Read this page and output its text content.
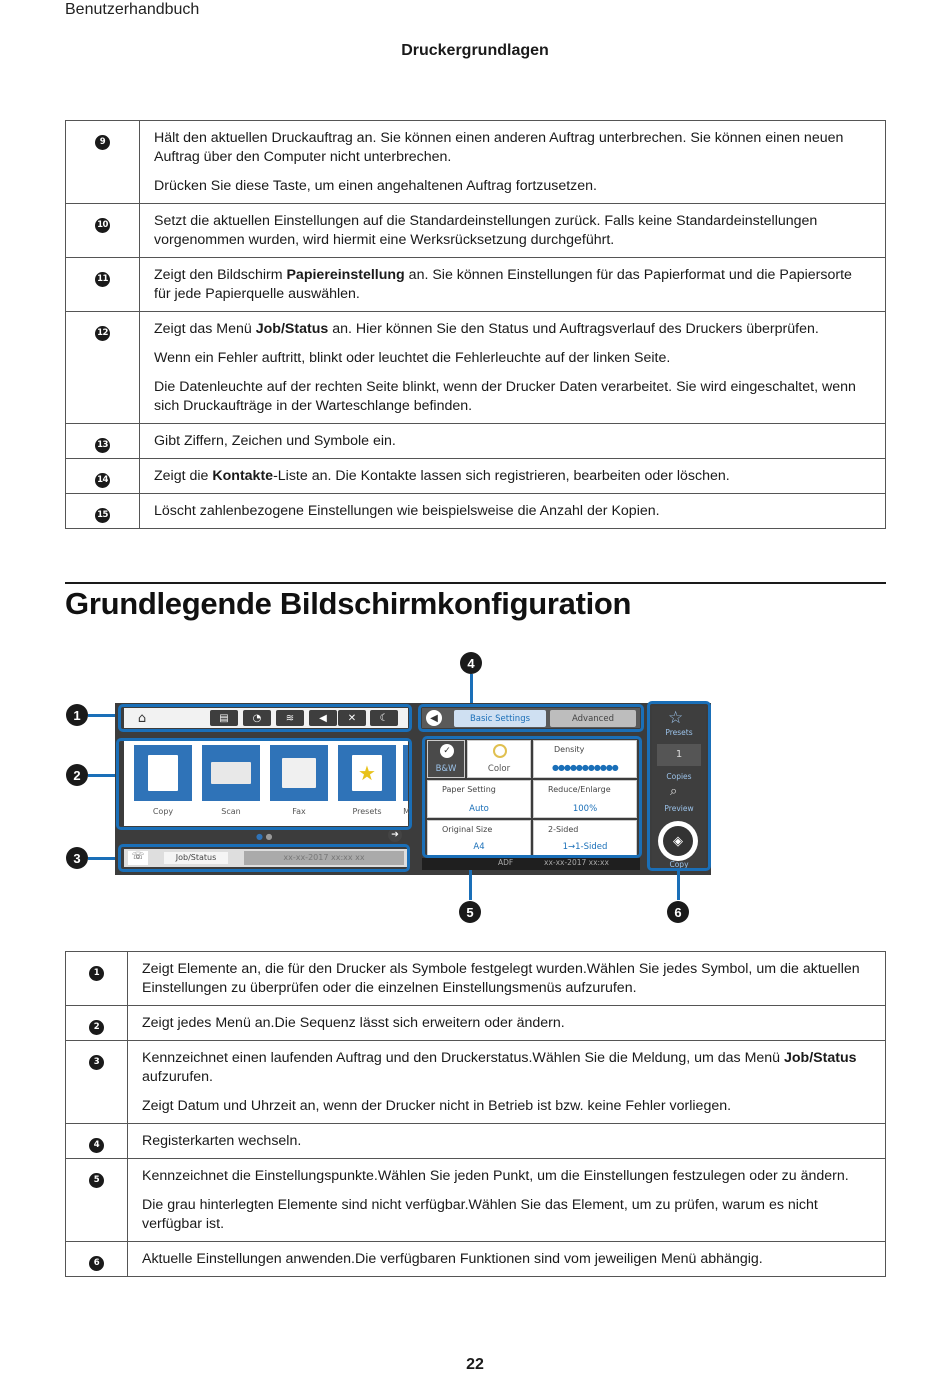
Benutzerhandbuch
Druckergrundlagen
9	Hält den aktuellen Druckauftrag an. Sie können einen anderen Auftrag unterbrechen. Sie können einen neuen Auftrag über den Computer nicht unterbrechen.

Drücken Sie diese Taste, um einen angehaltenen Auftrag fortzusetzen.

10	Setzt die aktuellen Einstellungen auf die Standardeinstellungen zurück. Falls keine Standardeinstellungen vorgenommen wurden, wird hiermit eine Werksrücksetzung durchgeführt.

11	Zeigt den Bildschirm Papiereinstellung an. Sie können Einstellungen für das Papierformat und die Papiersorte für jede Papierquelle auswählen.

12	Zeigt das Menü Job/Status an. Hier können Sie den Status und Auftragsverlauf des Druckers überprüfen.

Wenn ein Fehler auftritt, blinkt oder leuchtet die Fehlerleuchte auf der linken Seite.

Die Datenleuchte auf der rechten Seite blinkt, wenn der Drucker Daten verarbeitet. Sie wird eingeschaltet, wenn sich Druckaufträge in der Warteschlange befinden.

13	Gibt Ziffern, Zeichen und Symbole ein.

14	Zeigt die Kontakte-Liste an. Die Kontakte lassen sich registrieren, bearbeiten oder löschen.

15	Löscht zahlenbezogene Einstellungen wie beispielsweise die Anzahl der Kopien.

Grundlegende Bildschirmkonfiguration
4
1
2
3
⌂	▤	◔	≋	◀	✕	☾
★
Copy	Scan	Fax	Presets	M
● ●	➔
☏	Job/Status	xx-xx-2017 xx:xx xx
◀	Basic Settings	Advanced
✓
B&W	Color
Density
●●●●●●●●●●●
Paper Setting
Auto
Reduce/Enlarge
100%
Original Size
A4
2-Sided
1→1-Sided
ADF	xx-xx-2017 xx:xx
☆
Presets
1
Copies
⌕
Preview
◈
Copy
5	6
1	Zeigt Elemente an, die für den Drucker als Symbole festgelegt wurden.Wählen Sie jedes Symbol, um die aktuellen Einstellungen zu überprüfen oder die einzelnen Einstellungsmenüs aufzurufen.

2	Zeigt jedes Menü an.Die Sequenz lässt sich erweitern oder ändern.

3	Kennzeichnet einen laufenden Auftrag und den Druckerstatus.Wählen Sie die Meldung, um das Menü Job/Status aufzurufen.

Zeigt Datum und Uhrzeit an, wenn der Drucker nicht in Betrieb ist bzw. keine Fehler vorliegen.

4	Registerkarten wechseln.

5	Kennzeichnet die Einstellungspunkte.Wählen Sie jeden Punkt, um die Einstellungen festzulegen oder zu ändern.

Die grau hinterlegten Elemente sind nicht verfügbar.Wählen Sie das Element, um zu prüfen, warum es nicht verfügbar ist.

6	Aktuelle Einstellungen anwenden.Die verfügbaren Funktionen sind vom jeweiligen Menü abhängig.

22
